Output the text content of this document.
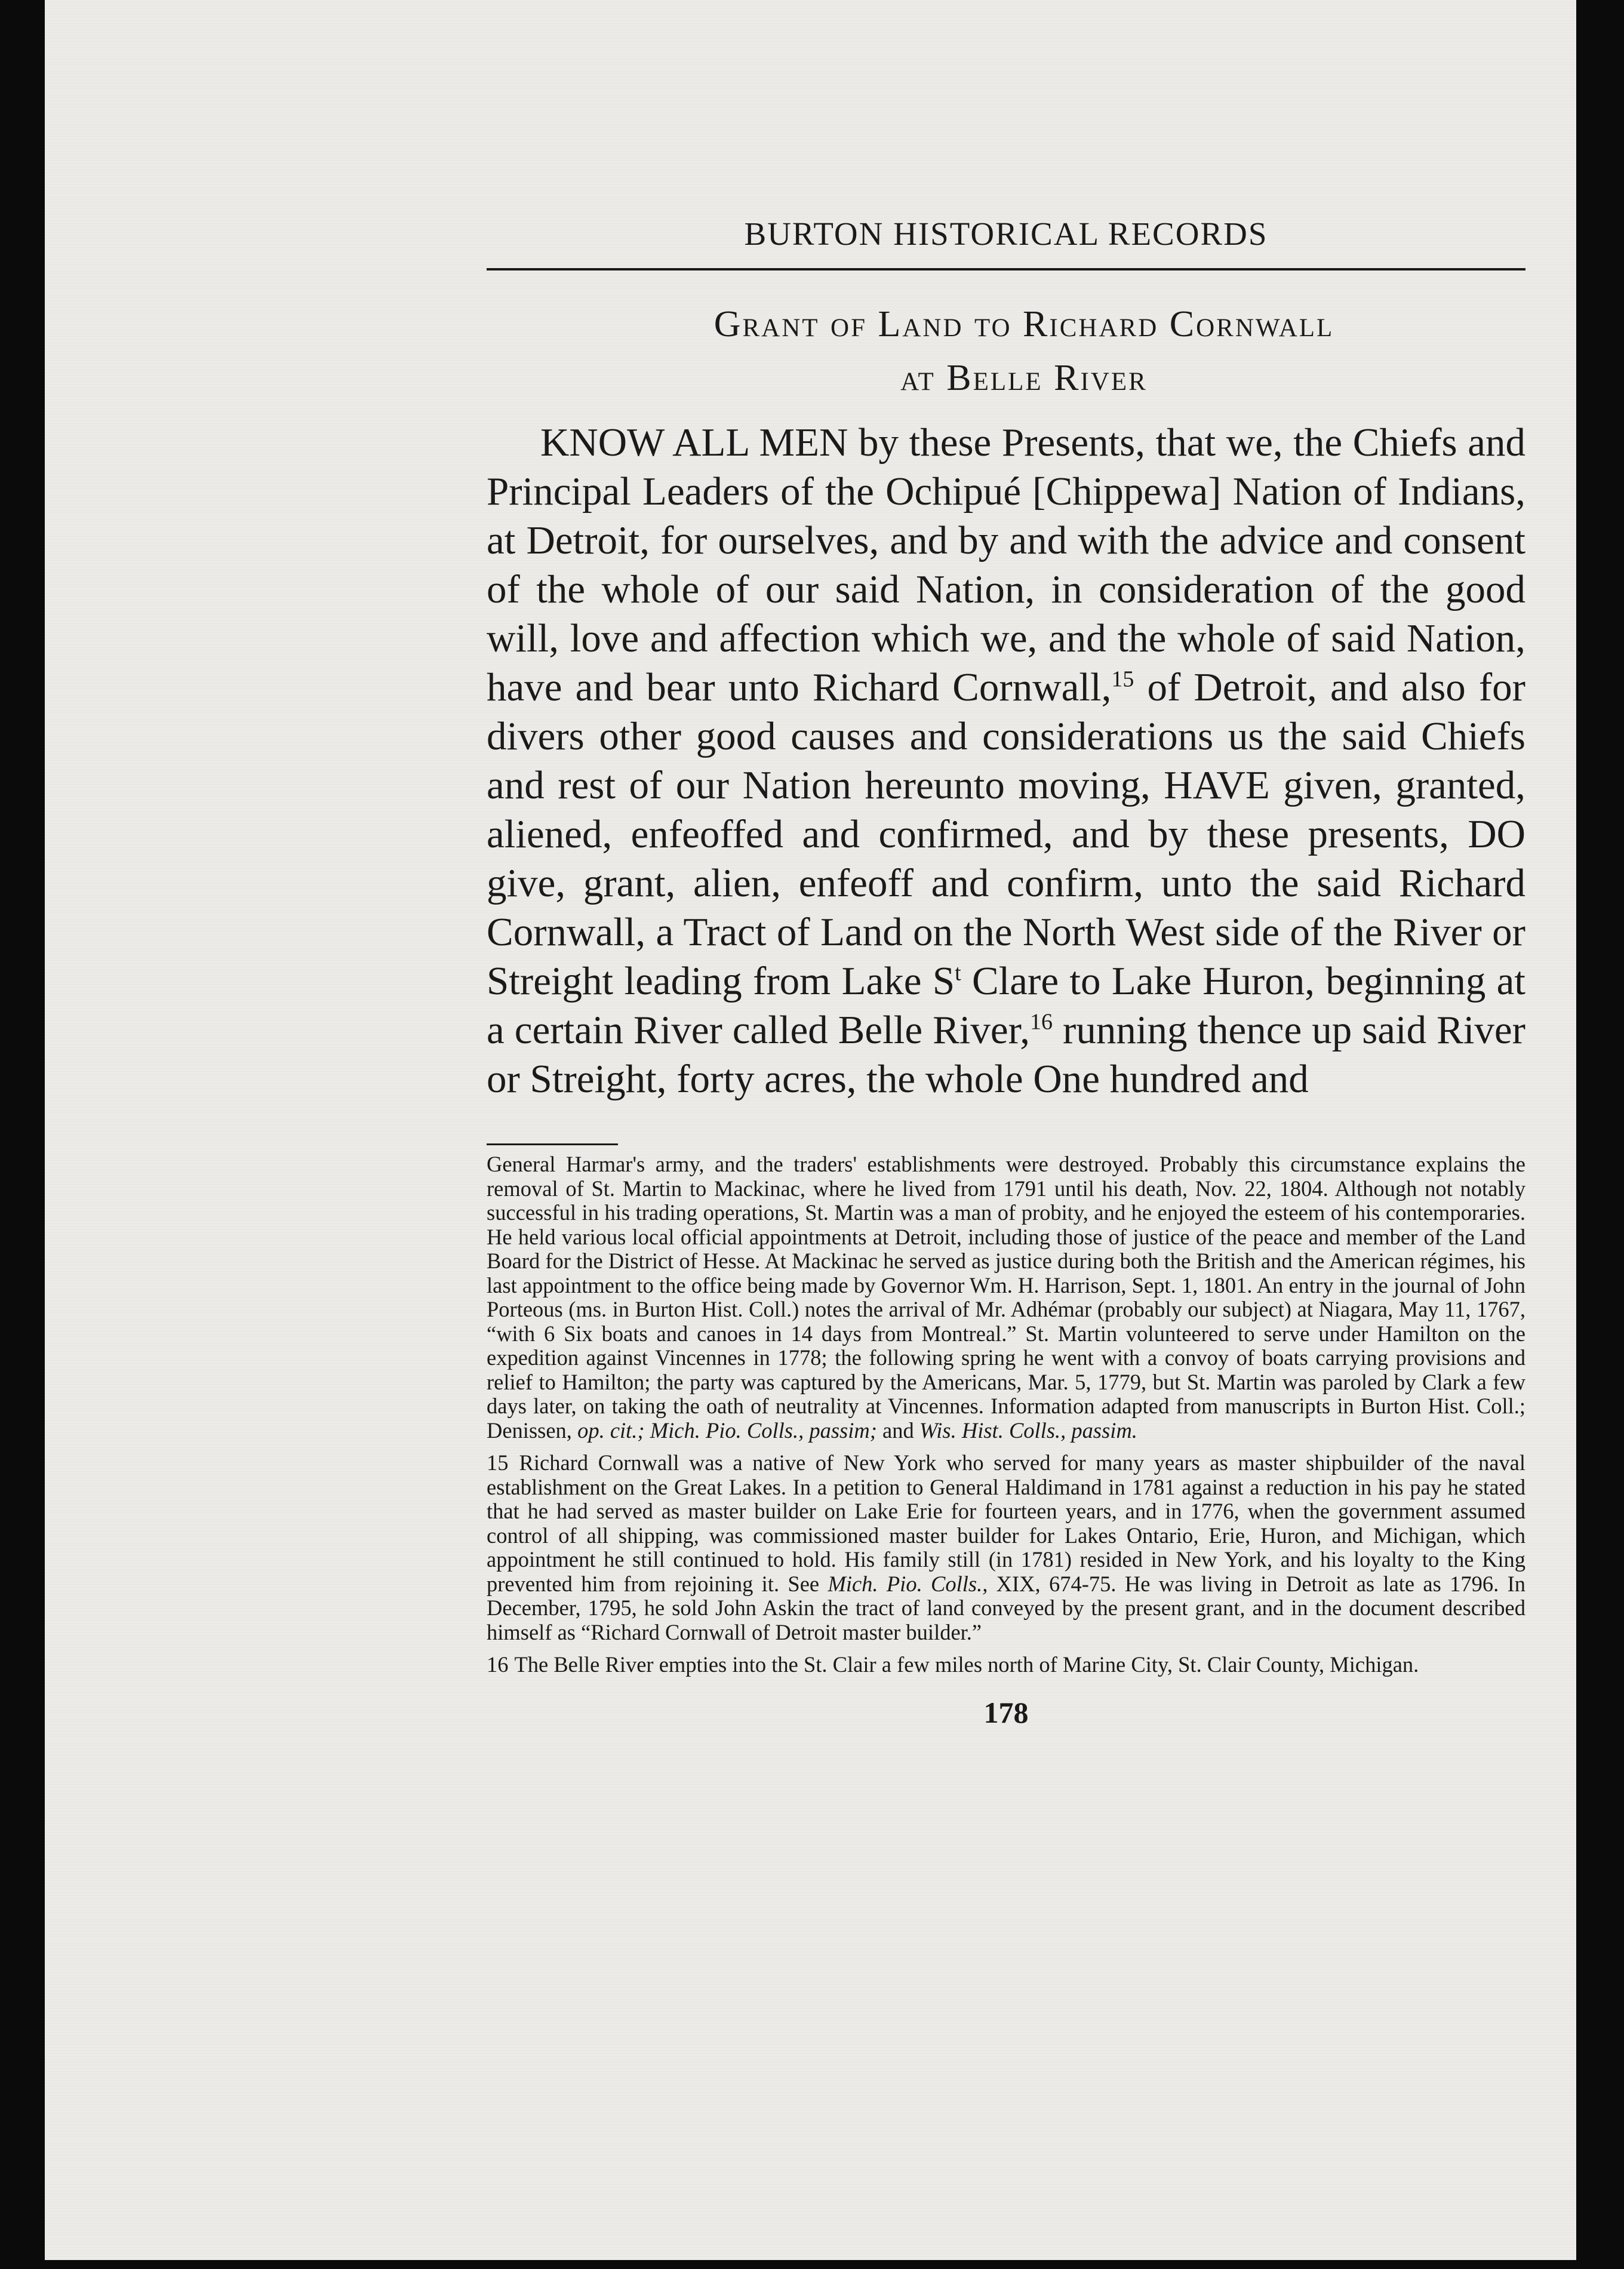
BURTON HISTORICAL RECORDS
Grant of Land to Richard Cornwall
at Belle River

KNOW ALL MEN by these Presents, that we, the Chiefs and Principal Leaders of the Ochipué [Chippewa] Nation of Indians, at Detroit, for ourselves, and by and with the advice and consent of the whole of our said Nation, in consideration of the good will, love and affection which we, and the whole of said Nation, have and bear unto Richard Cornwall,$^{15}$ of Detroit, and also for divers other good causes and considerations us the said Chiefs and rest of our Nation hereunto moving, HAVE given, granted, aliened, enfeoffed and confirmed, and by these presents, DO give, grant, alien, enfeoff and confirm, unto the said Richard Cornwall, a Tract of Land on the North West side of the River or Streight leading from Lake $S^t$ Clare to Lake Huron, beginning at a certain River called Belle River,$^{16}$ running thence up said River or Streight, forty acres, the whole One hundred and

General Harmar's army, and the traders' establishments were destroyed. Probably this circumstance explains the removal of St. Martin to Mackinac, where he lived from 1791 until his death, Nov. 22, 1804. Although not notably successful in his trading operations, St. Martin was a man of probity, and he enjoyed the esteem of his contemporaries. He held various local official appointments at Detroit, including those of justice of the peace and member of the Land Board for the District of Hesse. At Mackinac he served as justice during both the British and the American régimes, his last appointment to the office being made by Governor Wm. H. Harrison, Sept. 1, 1801. An entry in the journal of John Porteous (ms. in Burton Hist. Coll.) notes the arrival of Mr. Adhémar (probably our subject) at Niagara, May 11, 1767, “with 6 Six boats and canoes in 14 days from Montreal.” St. Martin volunteered to serve under Hamilton on the expedition against Vincennes in 1778; the following spring he went with a convoy of boats carrying provisions and relief to Hamilton; the party was captured by the Americans, Mar. 5, 1779, but St. Martin was paroled by Clark a few days later, on taking the oath of neutrality at Vincennes. Information adapted from manuscripts in Burton Hist. Coll.; Denissen, op. cit.; Mich. Pio. Colls., passim; and Wis. Hist. Colls., passim.

15 Richard Cornwall was a native of New York who served for many years as master shipbuilder of the naval establishment on the Great Lakes. In a petition to General Haldimand in 1781 against a reduction in his pay he stated that he had served as master builder on Lake Erie for fourteen years, and in 1776, when the government assumed control of all shipping, was commissioned master builder for Lakes Ontario, Erie, Huron, and Michigan, which appointment he still continued to hold. His family still (in 1781) resided in New York, and his loyalty to the King prevented him from rejoining it. See Mich. Pio. Colls., XIX, 674-75. He was living in Detroit as late as 1796. In December, 1795, he sold John Askin the tract of land conveyed by the present grant, and in the document described himself as “Richard Cornwall of Detroit master builder.”

16 The Belle River empties into the St. Clair a few miles north of Marine City, St. Clair County, Michigan.

178
